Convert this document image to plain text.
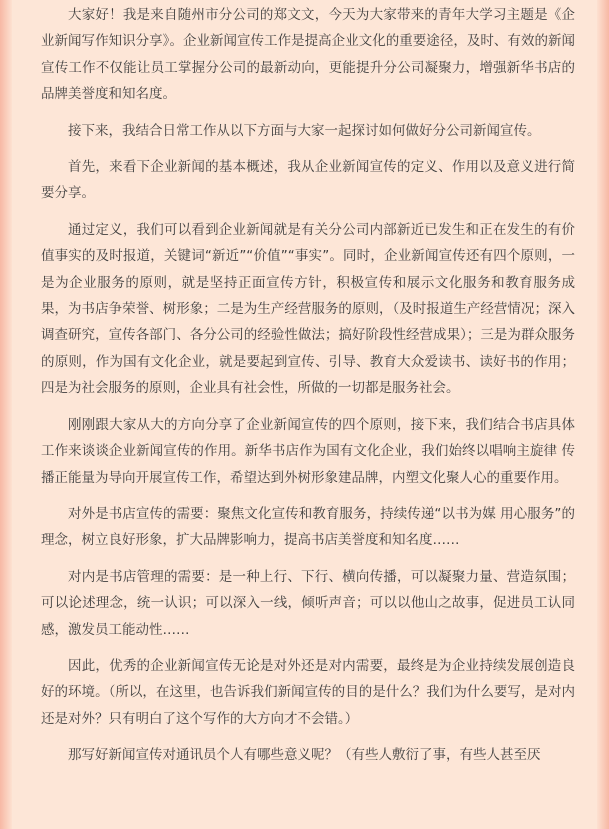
大家好！我是来自随州市分公司的郑文文，今天为大家带来的青年大学习主题是《企业新闻写作知识分享》。企业新闻宣传工作是提高企业文化的重要途径，及时、有效的新闻宣传工作不仅能让员工掌握分公司的最新动向，更能提升分公司凝聚力，增强新华书店的品牌美誉度和知名度。

接下来，我结合日常工作从以下方面与大家一起探讨如何做好分公司新闻宣传。

首先，来看下企业新闻的基本概述，我从企业新闻宣传的定义、作用以及意义进行简要分享。

通过定义，我们可以看到企业新闻就是有关分公司内部新近已发生和正在发生的有价值事实的及时报道，关键词“新近”“价值”“事实”。同时，企业新闻宣传还有四个原则，一是为企业服务的原则，就是坚持正面宣传方针，积极宣传和展示文化服务和教育服务成果，为书店争荣誉、树形象；二是为生产经营服务的原则，（及时报道生产经营情况；深入调查研究，宣传各部门、各分公司的经验性做法；搞好阶段性经营成果）；三是为群众服务的原则，作为国有文化企业，就是要起到宣传、引导、教育大众爱读书、读好书的作用；四是为社会服务的原则，企业具有社会性，所做的一切都是服务社会。

刚刚跟大家从大的方向分享了企业新闻宣传的四个原则，接下来，我们结合书店具体工作来谈谈企业新闻宣传的作用。新华书店作为国有文化企业，我们始终以唱响主旋律 传播正能量为导向开展宣传工作，希望达到外树形象建品牌，内塑文化聚人心的重要作用。

对外是书店宣传的需要：聚焦文化宣传和教育服务，持续传递“以书为媒 用心服务”的理念，树立良好形象，扩大品牌影响力，提高书店美誉度和知名度……

对内是书店管理的需要：是一种上行、下行、横向传播，可以凝聚力量、营造氛围；可以论述理念，统一认识；可以深入一线，倾听声音；可以以他山之故事，促进员工认同感，激发员工能动性……

因此，优秀的企业新闻宣传无论是对外还是对内需要，最终是为企业持续发展创造良好的环境。（所以，在这里，也告诉我们新闻宣传的目的是什么？我们为什么要写，是对内还是对外？只有明白了这个写作的大方向才不会错。）

那写好新闻宣传对通讯员个人有哪些意义呢？（有些人敷衍了事，有些人甚至厌
